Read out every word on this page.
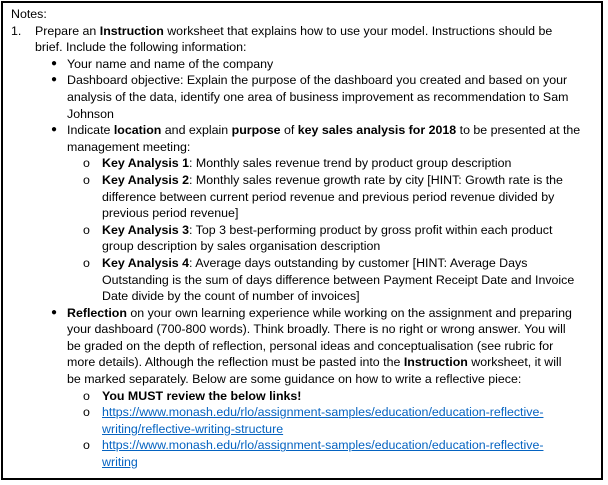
Notes:
1. Prepare an Instruction worksheet that explains how to use your model. Instructions should be
brief. Include the following information:
● Your name and name of the company
● Dashboard objective: Explain the purpose of the dashboard you created and based on your
analysis of the data, identify one area of business improvement as recommendation to Sam
Johnson
● Indicate location and explain purpose of key sales analysis for 2018 to be presented at the
management meeting:
o Key Analysis 1: Monthly sales revenue trend by product group description
o Key Analysis 2: Monthly sales revenue growth rate by city [HINT: Growth rate is the
difference between current period revenue and previous period revenue divided by
previous period revenue]
o Key Analysis 3: Top 3 best-performing product by gross profit within each product
group description by sales organisation description
o Key Analysis 4: Average days outstanding by customer [HINT: Average Days
Outstanding is the sum of days difference between Payment Receipt Date and Invoice
Date divide by the count of number of invoices]
● Reflection on your own learning experience while working on the assignment and preparing
your dashboard (700-800 words). Think broadly. There is no right or wrong answer. You will
be graded on the depth of reflection, personal ideas and conceptualisation (see rubric for
more details). Although the reflection must be pasted into the Instruction worksheet, it will
be marked separately. Below are some guidance on how to write a reflective piece:
o You MUST review the below links!
o https://www.monash.edu/rlo/assignment-samples/education/education-reflective-
writing/reflective-writing-structure
o https://www.monash.edu/rlo/assignment-samples/education/education-reflective-
writing
